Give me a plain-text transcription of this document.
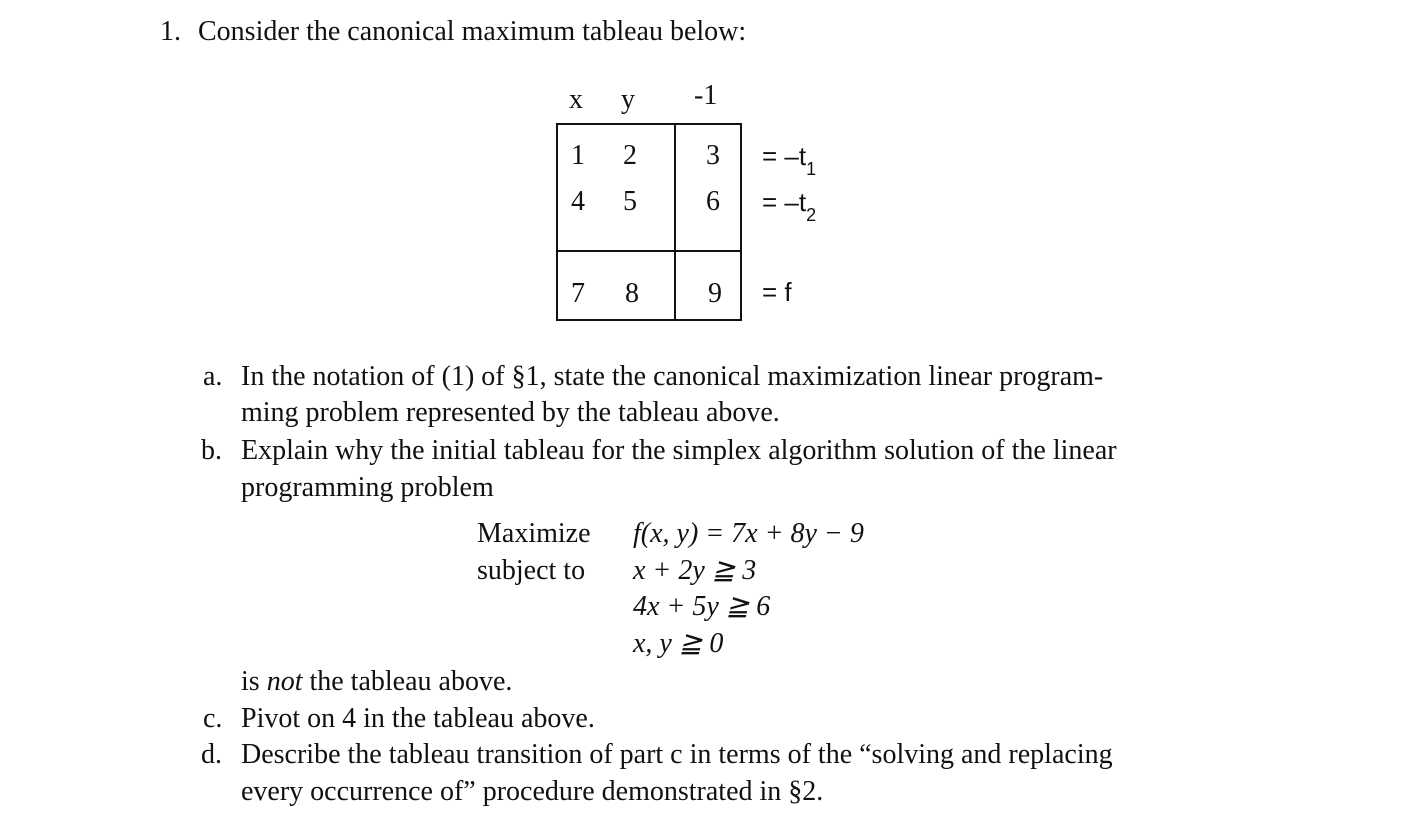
1. Consider the canonical maximum tableau below:
x y -1
1 2 3	= $-t_1$
4 5 6	= $-t_2$
7 8 9	= f
a. In the notation of (1) of §1, state the canonical maximization linear program-
ming problem represented by the tableau above.
b. Explain why the initial tableau for the simplex algorithm solution of the linear
programming problem
Maximize f(x, y) = 7x + 8y − 9
subject to x + 2y ≧ 3
4x + 5y ≧ 6
x, y ≧ 0
is not the tableau above.
c. Pivot on 4 in the tableau above.
d. Describe the tableau transition of part c in terms of the “solving and replacing
every occurrence of” procedure demonstrated in §2.
